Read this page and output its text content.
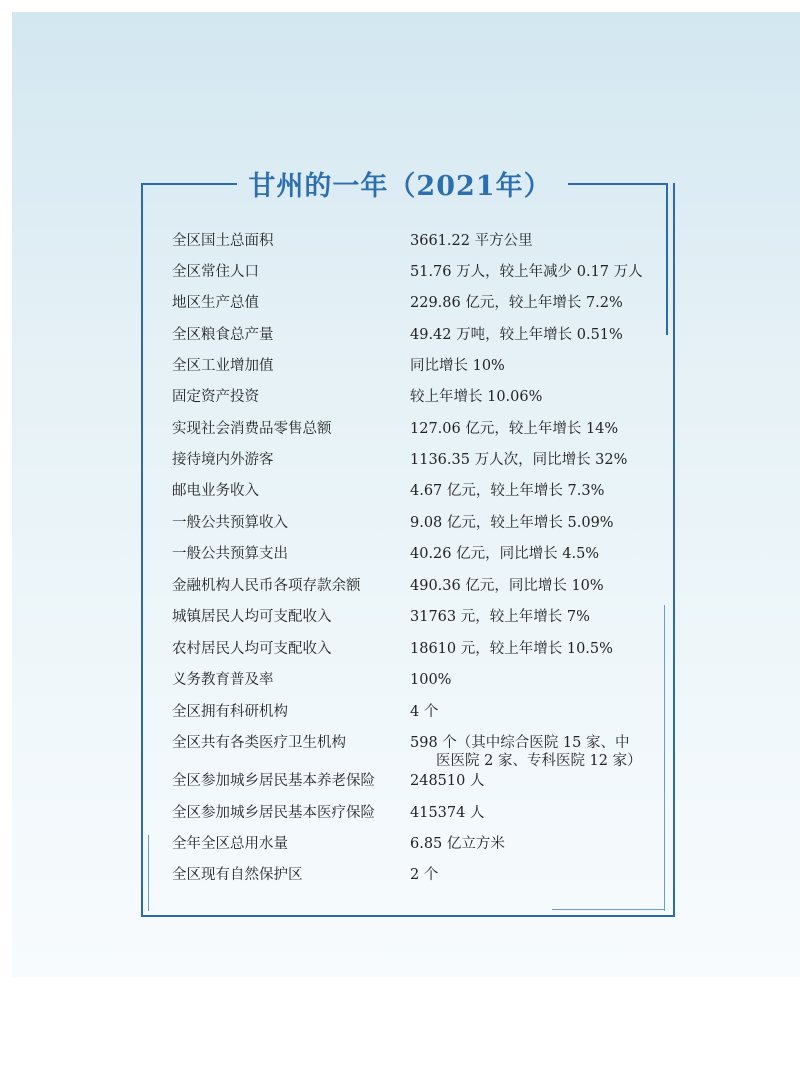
甘州的一年（2021年）
全区国土总面积	3661.22 平方公里
全区常住人口	51.76 万人，较上年减少 0.17 万人
地区生产总值	229.86 亿元，较上年增长 7.2%
全区粮食总产量	49.42 万吨，较上年增长 0.51%
全区工业增加值	同比增长 10%
固定资产投资	较上年增长 10.06%
实现社会消费品零售总额	127.06 亿元，较上年增长 14%
接待境内外游客	1136.35 万人次，同比增长 32%
邮电业务收入	4.67 亿元，较上年增长 7.3%
一般公共预算收入	9.08 亿元，较上年增长 5.09%
一般公共预算支出	40.26 亿元，同比增长 4.5%
金融机构人民币各项存款余额	490.36 亿元，同比增长 10%
城镇居民人均可支配收入	31763 元，较上年增长 7%
农村居民人均可支配收入	18610 元，较上年增长 10.5%
义务教育普及率	100%
全区拥有科研机构	4 个
全区共有各类医疗卫生机构	598 个（其中综合医院 15 家、中
医医院 2 家、专科医院 12 家）
全区参加城乡居民基本养老保险	248510 人
全区参加城乡居民基本医疗保险	415374 人
全年全区总用水量	6.85 亿立方米
全区现有自然保护区	2 个
